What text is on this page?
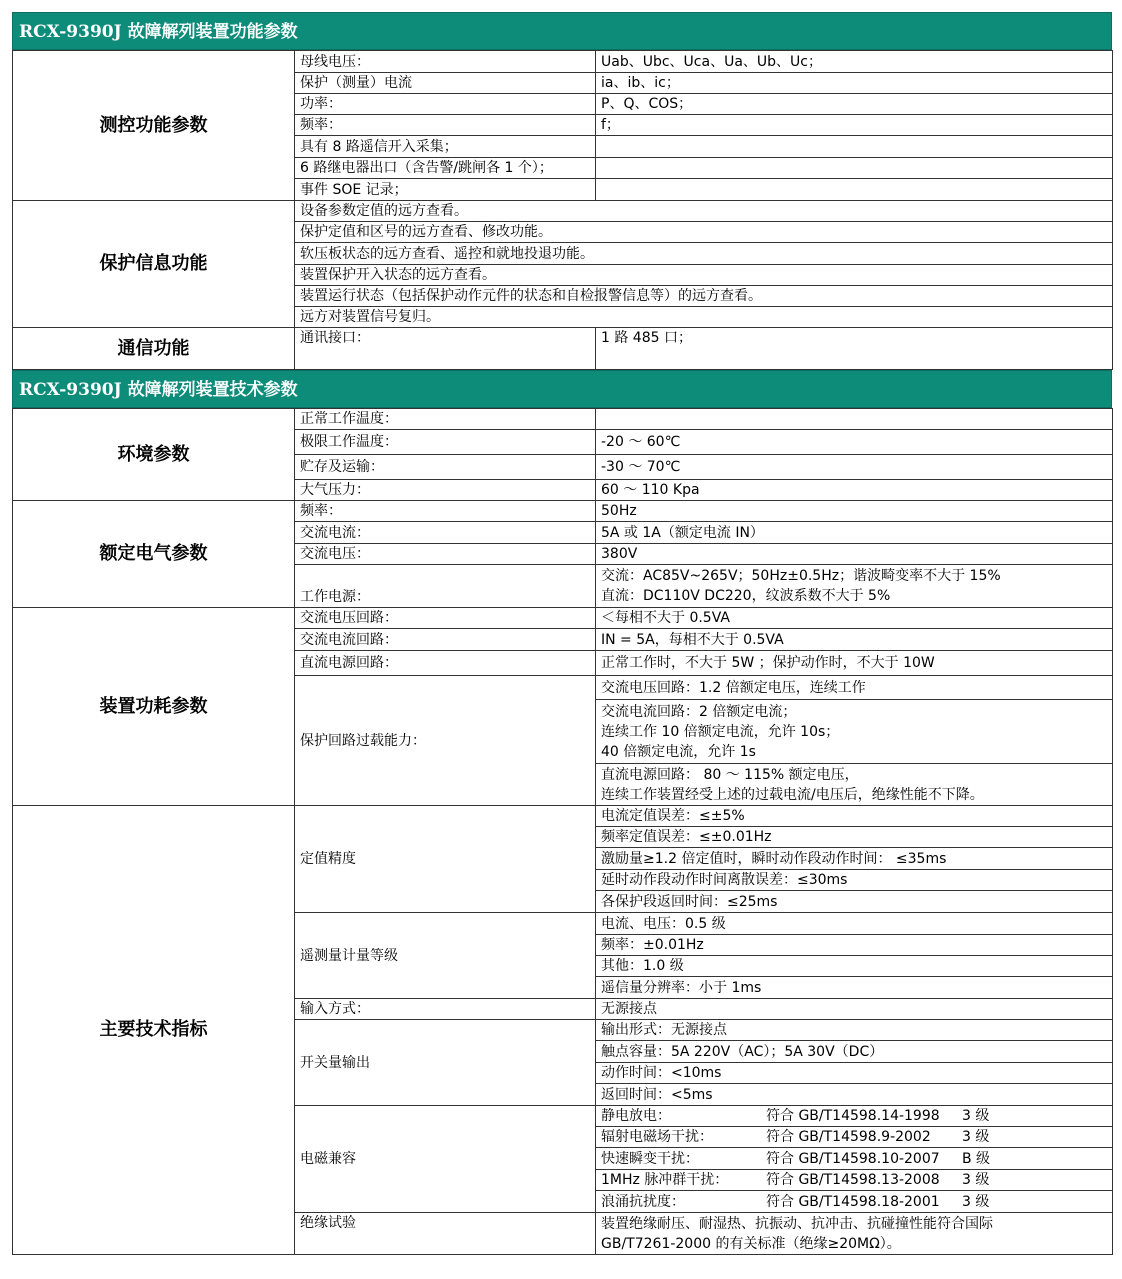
RCX-9390J 故障解列装置功能参数
测控功能参数	母线电压：	Uab、Ubc、Uca、Ua、Ub、Uc；
	保护（测量）电流	ia、ib、ic；
	功率：	P、Q、COS；
	频率：	f；
	具有 8 路遥信开入采集；	
	6 路继电器出口（含告警/跳闸各 1 个）；	
	事件 SOE 记录；	
保护信息功能	设备参数定值的远方查看。	
	保护定值和区号的远方查看、修改功能。	
	软压板状态的远方查看、遥控和就地投退功能。	
	装置保护开入状态的远方查看。	
	装置运行状态（包括保护动作元件的状态和自检报警信息等）的远方查看。	
	远方对装置信号复归。	
通信功能	通讯接口：	1 路 485 口；
RCX-9390J 故障解列装置技术参数
环境参数	正常工作温度：	
	极限工作温度：	-20 ～ 60℃
	贮存及运输：	-30 ～ 70℃
	大气压力：	60 ～ 110 Kpa
额定电气参数	频率：	50Hz
	交流电流：	5A 或 1A（额定电流 IN）
	交流电压：	380V
	工作电源：	交流：AC85V~265V；50Hz±0.5Hz；谐波畸变率不大于 15%
直流：DC110V DC220，纹波系数不大于 5%

装置功耗参数	交流电压回路：	＜每相不大于 0.5VA
	交流电流回路：	IN = 5A，每相不大于 0.5VA
	直流电源回路：	正常工作时，不大于 5W ；保护动作时，不大于 10W
	保护回路过载能力：	交流电压回路：1.2 倍额定电压，连续工作

		交流电流回路：2 倍额定电流；
连续工作 10 倍额定电流，允许 10s；
40 倍额定电流，允许 1s

		直流电源回路： 80 ～ 115% 额定电压，
连续工作装置经受上述的过载电流/电压后，绝缘性能不下降。

主要技术指标	定值精度	电流定值误差：≤±5%
		频率定值误差：≤±0.01Hz
		激励量≥1.2 倍定值时，瞬时动作段动作时间： ≤35ms
		延时动作段动作时间离散误差：≤30ms
		各保护段返回时间：≤25ms
	遥测量计量等级	电流、电压：0.5 级
		频率：±0.01Hz
		其他：1.0 级
		遥信量分辨率：小于 1ms
	输入方式：	无源接点
	开关量输出	输出形式：无源接点
		触点容量：5A 220V（AC）；5A 30V（DC）
		动作时间：<10ms
		返回时间：<5ms
	电磁兼容	静电放电： 符合 GB/T14598.14-1998 3 级
		辐射电磁场干扰： 符合 GB/T14598.9-2002 3 级
		快速瞬变干扰： 符合 GB/T14598.10-2007 B 级
		1MHz 脉冲群干扰： 符合 GB/T14598.13-2008 3 级
		浪涌抗扰度： 符合 GB/T14598.18-2001 3 级
	绝缘试验	装置绝缘耐压、耐湿热、抗振动、抗冲击、抗碰撞性能符合国际
GB/T7261-2000 的有关标准（绝缘≥20MΩ）。
